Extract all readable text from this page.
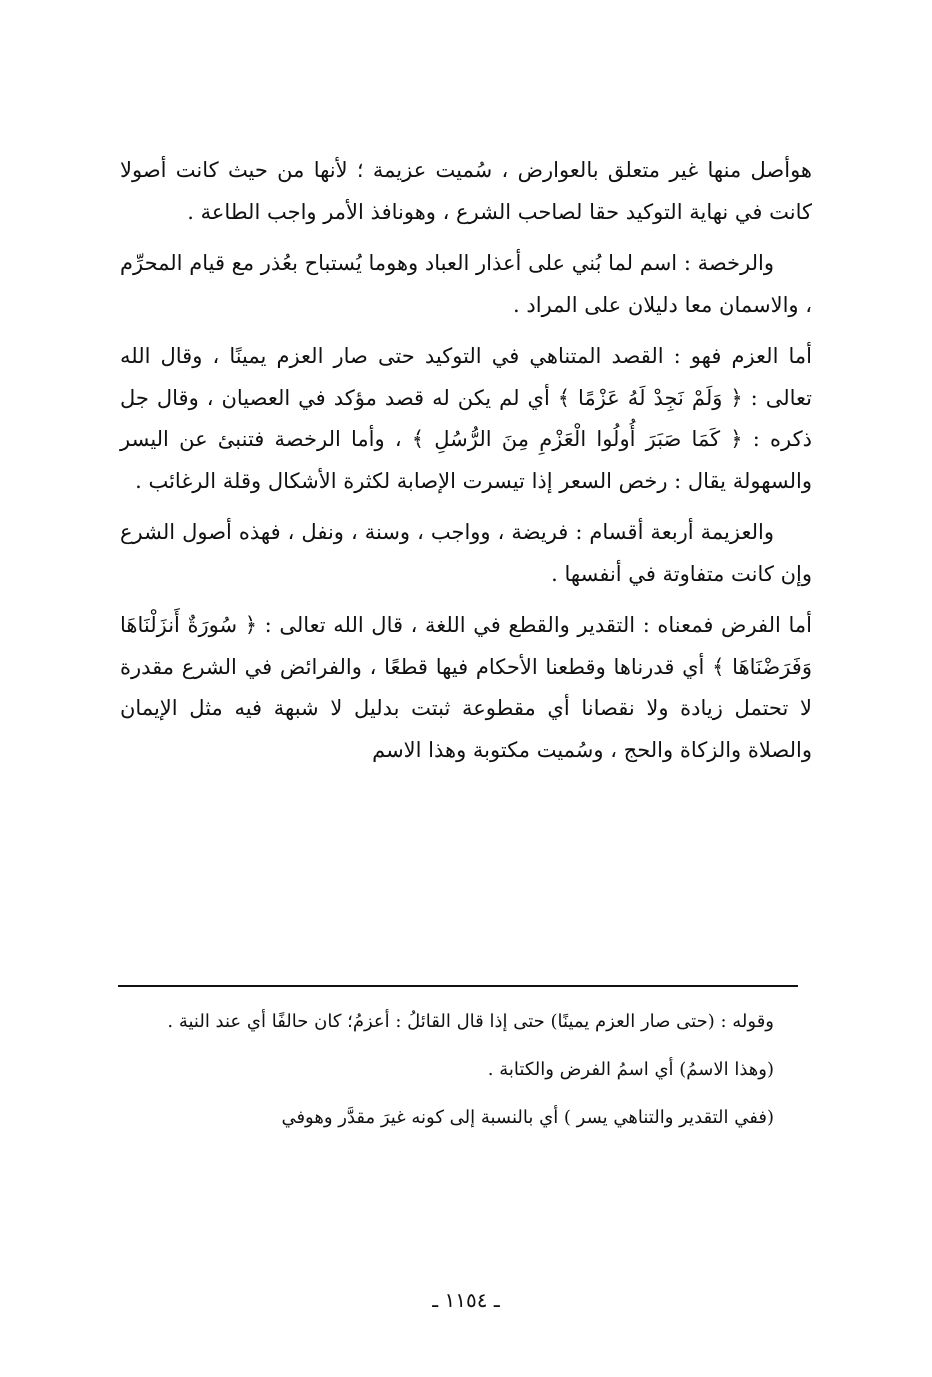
هوأصل منها غير متعلق بالعوارض ، سُميت عزيمة ؛ لأنها من حيث كانت أصولا كانت في نهاية التوكيد حقا لصاحب الشرع ، وهونافذ الأمر واجب الطاعة .

والرخصة : اسم لما بُني على أعذار العباد وهوما يُستباح بعُذر مع قيام المحرِّم ، والاسمان معا دليلان على المراد .

أما العزم فهو : القصد المتناهي في التوكيد حتى صار العزم يمينًا ، وقال الله تعالى : ﴿ وَلَمْ نَجِدْ لَهُ عَزْمًا ﴾ أي لم يكن له قصد مؤكد في العصيان ، وقال جل ذكره : ﴿ كَمَا صَبَرَ أُولُوا الْعَزْمِ مِنَ الرُّسُلِ ﴾ ، وأما الرخصة فتنبئ عن اليسر والسهولة يقال : رخص السعر إذا تيسرت الإصابة لكثرة الأشكال وقلة الرغائب .

والعزيمة أربعة أقسام : فريضة ، وواجب ، وسنة ، ونفل ، فهذه أصول الشرع وإن كانت متفاوتة في أنفسها .

أما الفرض فمعناه : التقدير والقطع في اللغة ، قال الله تعالى : ﴿ سُورَةٌ أَنزَلْنَاهَا وَفَرَضْنَاهَا ﴾ أي قدرناها وقطعنا الأحكام فيها قطعًا ، والفرائض في الشرع مقدرة لا تحتمل زيادة ولا نقصانا أي مقطوعة ثبتت بدليل لا شبهة فيه مثل الإيمان والصلاة والزكاة والحج ، وسُميت مكتوبة وهذا الاسم

وقوله : (حتى صار العزم يمينًا) حتى إذا قال القائلُ : أعزمُ؛ كان حالفًا أي عند النية .

(وهذا الاسمُ) أي اسمُ الفرض والكتابة .

(ففي التقدير والتناهي يسر ) أي بالنسبة إلى كونه غيرَ مقدَّر وهوفي

ـ ١١٥٤ ـ
